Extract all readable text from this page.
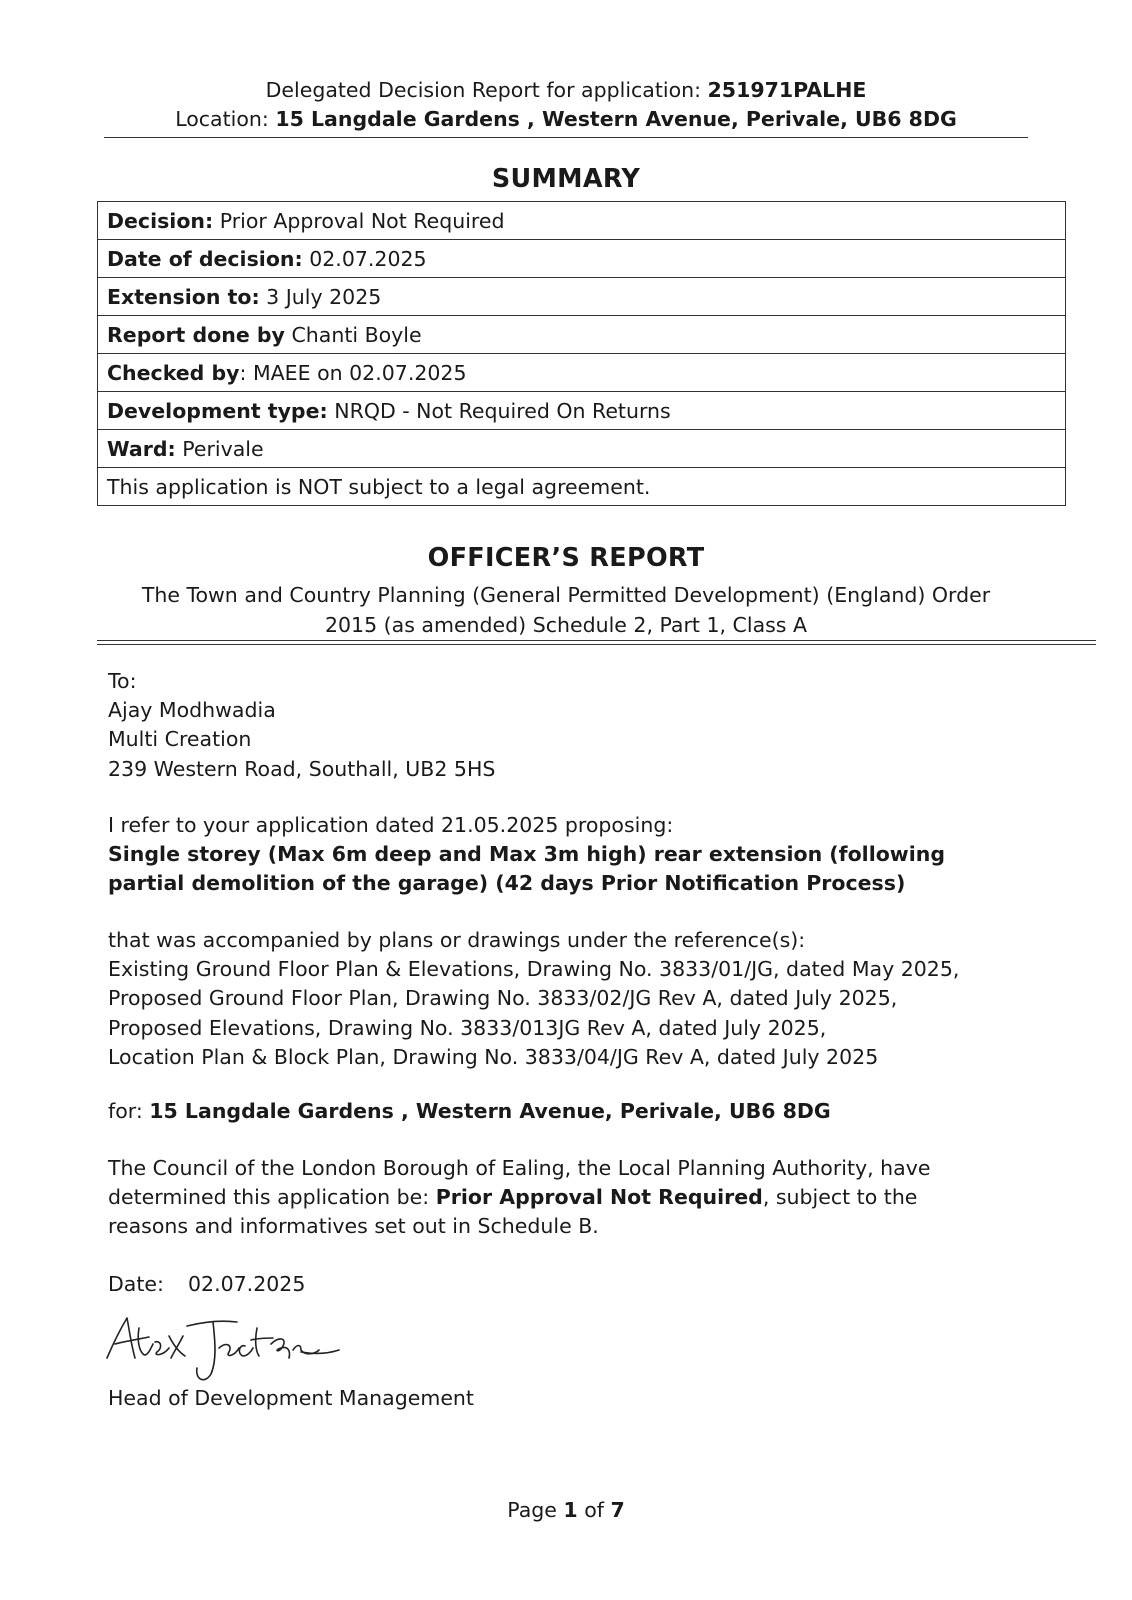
Delegated Decision Report for application: 251971PALHE
Location: 15 Langdale Gardens , Western Avenue, Perivale, UB6 8DG
SUMMARY
Decision: Prior Approval Not Required
Date of decision: 02.07.2025
Extension to: 3 July 2025
Report done by Chanti Boyle
Checked by: MAEE on 02.07.2025
Development type: NRQD - Not Required On Returns
Ward: Perivale
This application is NOT subject to a legal agreement.
OFFICER’S REPORT
The Town and Country Planning (General Permitted Development) (England) Order
2015 (as amended) Schedule 2, Part 1, Class A
To:
Ajay Modhwadia
Multi Creation
239 Western Road, Southall, UB2 5HS
I refer to your application dated 21.05.2025 proposing:
Single storey (Max 6m deep and Max 3m high) rear extension (following
partial demolition of the garage) (42 days Prior Notification Process)
that was accompanied by plans or drawings under the reference(s):
Existing Ground Floor Plan & Elevations, Drawing No. 3833/01/JG, dated May 2025,
Proposed Ground Floor Plan, Drawing No. 3833/02/JG Rev A, dated July 2025,
Proposed Elevations, Drawing No. 3833/013JG Rev A, dated July 2025,
Location Plan & Block Plan, Drawing No. 3833/04/JG Rev A, dated July 2025
for: 15 Langdale Gardens , Western Avenue, Perivale, UB6 8DG
The Council of the London Borough of Ealing, the Local Planning Authority, have
determined this application be: Prior Approval Not Required, subject to the
reasons and informatives set out in Schedule B.
Date: 02.07.2025
Head of Development Management
Page 1 of 7
